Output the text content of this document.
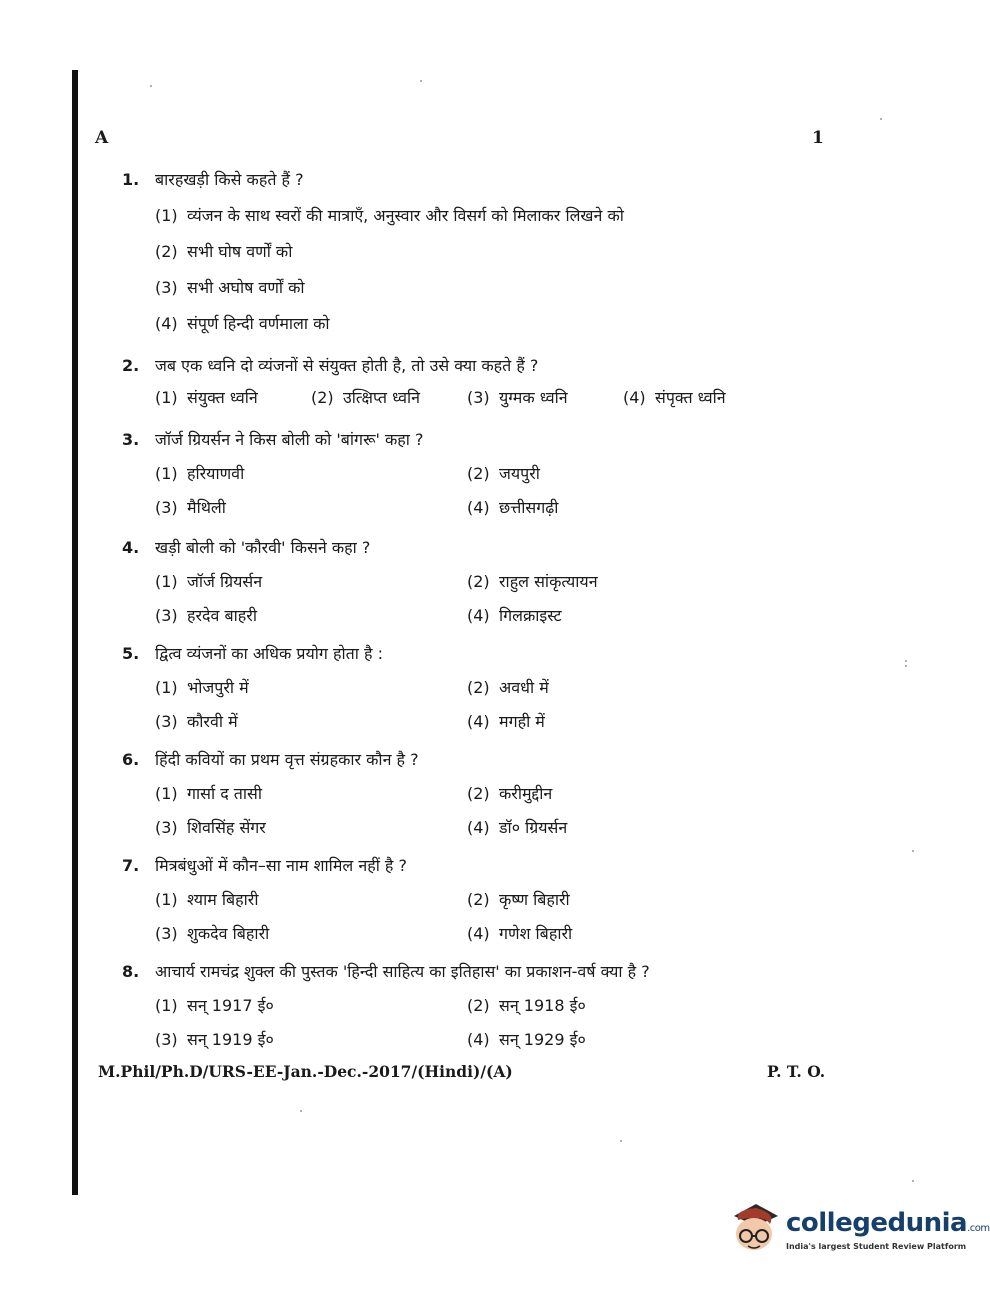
A	1
1. बारहखड़ी किसे कहते हैं ?
(1) व्यंजन के साथ स्वरों की मात्राएँ, अनुस्वार और विसर्ग को मिलाकर लिखने को
(2) सभी घोष वर्णों को
(3) सभी अघोष वर्णों को
(4) संपूर्ण हिन्दी वर्णमाला को
2. जब एक ध्वनि दो व्यंजनों से संयुक्त होती है, तो उसे क्या कहते हैं ?
(1) संयुक्त ध्वनि	(2) उत्क्षिप्त ध्वनि	(3) युग्मक ध्वनि	(4) संपृक्त ध्वनि
3. जॉर्ज ग्रियर्सन ने किस बोली को 'बांगरू' कहा ?
(1) हरियाणवी	(2) जयपुरी
(3) मैथिली	(4) छत्तीसगढ़ी
4. खड़ी बोली को 'कौरवी' किसने कहा ?
(1) जॉर्ज ग्रियर्सन	(2) राहुल सांकृत्यायन
(3) हरदेव बाहरी	(4) गिलक्राइस्ट
5. द्वित्व व्यंजनों का अधिक प्रयोग होता है :
(1) भोजपुरी में	(2) अवधी में
(3) कौरवी में	(4) मगही में
6. हिंदी कवियों का प्रथम वृत्त संग्रहकार कौन है ?
(1) गार्सा द तासी	(2) करीमुद्दीन
(3) शिवसिंह सेंगर	(4) डॉ० ग्रियर्सन
7. मित्रबंधुओं में कौन–सा नाम शामिल नहीं है ?
(1) श्याम बिहारी	(2) कृष्ण बिहारी
(3) शुकदेव बिहारी	(4) गणेश बिहारी
8. आचार्य रामचंद्र शुक्ल की पुस्तक 'हिन्दी साहित्य का इतिहास' का प्रकाशन-वर्ष क्या है ?
(1) सन् 1917 ई०	(2) सन् 1918 ई०
(3) सन् 1919 ई०	(4) सन् 1929 ई०
M.Phil/Ph.D/URS-EE-Jan.-Dec.-2017/(Hindi)/(A)	P. T. O.
collegedunia.com
India's largest Student Review Platform
